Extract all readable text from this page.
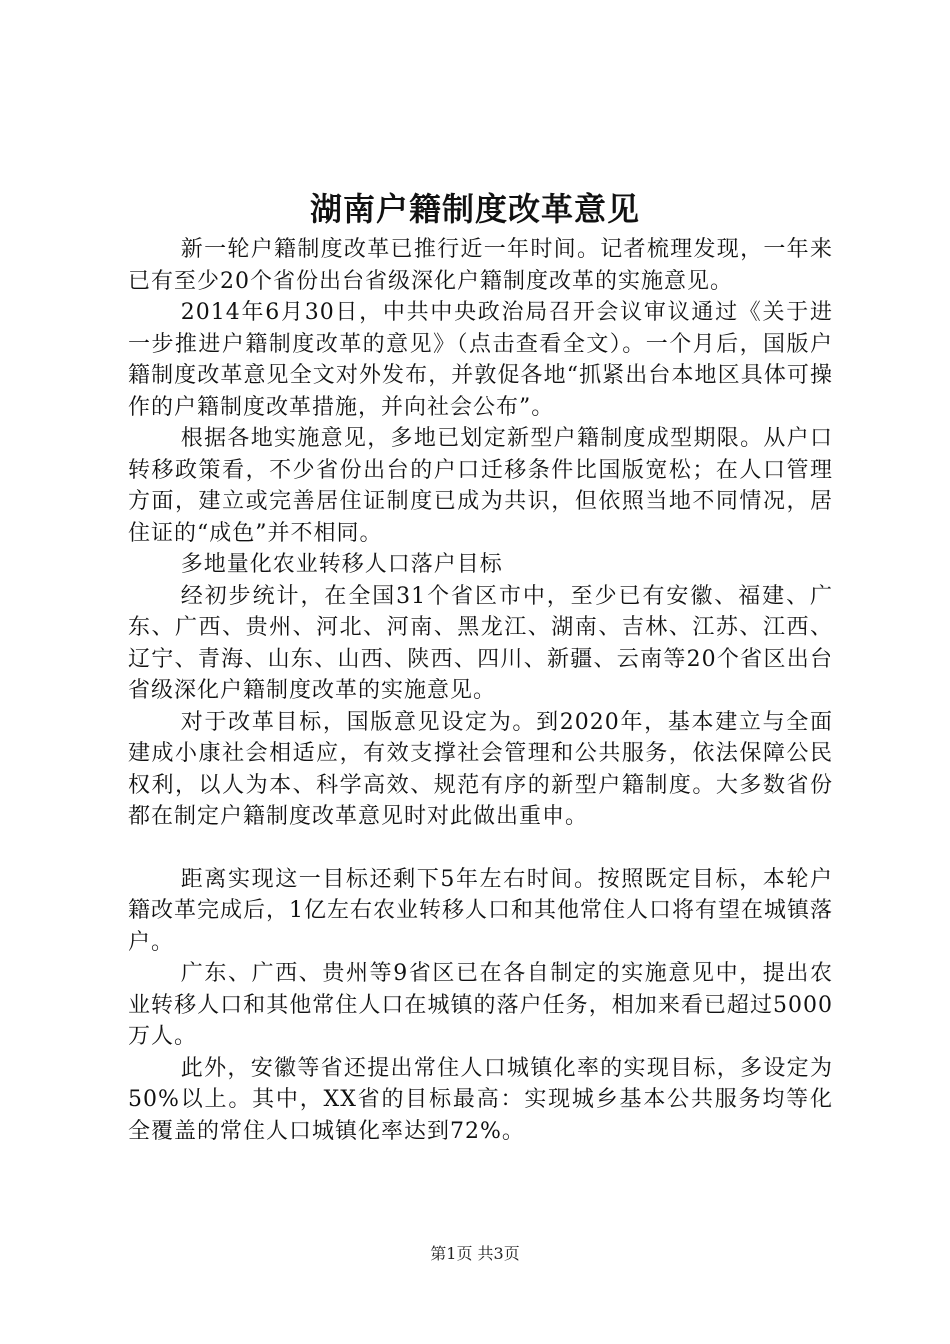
湖南户籍制度改革意见

新一轮户籍制度改革已推行近一年时间。记者梳理发现，一年来已有至少20个省份出台省级深化户籍制度改革的实施意见。

2014年6月30日，中共中央政治局召开会议审议通过《关于进一步推进户籍制度改革的意见》（点击查看全文）。一个月后，国版户籍制度改革意见全文对外发布，并敦促各地“抓紧出台本地区具体可操作的户籍制度改革措施，并向社会公布”。

根据各地实施意见，多地已划定新型户籍制度成型期限。从户口转移政策看，不少省份出台的户口迁移条件比国版宽松；在人口管理方面，建立或完善居住证制度已成为共识，但依照当地不同情况，居住证的“成色”并不相同。

多地量化农业转移人口落户目标

经初步统计，在全国31个省区市中，至少已有安徽、福建、广东、广西、贵州、河北、河南、黑龙江、湖南、吉林、江苏、江西、辽宁、青海、山东、山西、陕西、四川、新疆、云南等20个省区出台省级深化户籍制度改革的实施意见。

对于改革目标，国版意见设定为。到2020年，基本建立与全面建成小康社会相适应，有效支撑社会管理和公共服务，依法保障公民权利，以人为本、科学高效、规范有序的新型户籍制度。大多数省份都在制定户籍制度改革意见时对此做出重申。

距离实现这一目标还剩下5年左右时间。按照既定目标，本轮户籍改革完成后，1亿左右农业转移人口和其他常住人口将有望在城镇落户。

广东、广西、贵州等9省区已在各自制定的实施意见中，提出农业转移人口和其他常住人口在城镇的落户任务，相加来看已超过5000万人。

此外，安徽等省还提出常住人口城镇化率的实现目标，多设定为50%以上。其中，XX省的目标最高：实现城乡基本公共服务均等化全覆盖的常住人口城镇化率达到72%。

第1页 共3页
